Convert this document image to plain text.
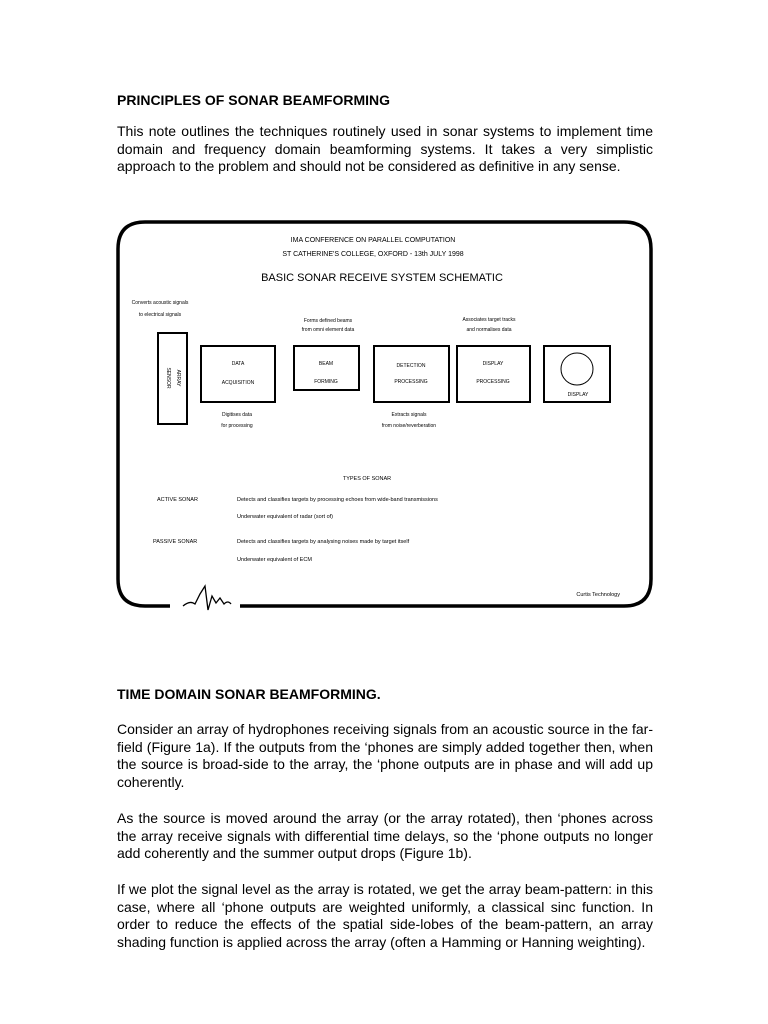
PRINCIPLES OF SONAR BEAMFORMING

This note outlines the techniques routinely used in sonar systems to implement time domain and frequency domain beamforming systems. It takes a very simplistic approach to the problem and should not be considered as definitive in any sense.

IMA CONFERENCE ON PARALLEL COMPUTATION
ST CATHERINE'S COLLEGE, OXFORD - 13th JULY 1998
BASIC SONAR RECEIVE SYSTEM SCHEMATIC
Converts acoustic signals
to electrical signals
Forms defined beams
from omni element data
Associates target tracks
and normalises data
SENSOR ARRAY
DATA
ACQUISITION
BEAM
FORMING
DETECTION
PROCESSING
DISPLAY
PROCESSING
DISPLAY
Digitises data
for processing
Extracts signals
from noise/reverberation
TYPES OF SONAR
ACTIVE SONAR	Detects and classifies targets by processing echoes from wide-band transmissions
Underwater equivalent of radar (sort of)
PASSIVE SONAR	Detects and classifies targets by analysing noises made by target itself
Underwater equivalent of ECM
Curtis Technology
TIME DOMAIN SONAR BEAMFORMING.

Consider an array of hydrophones receiving signals from an acoustic source in the far-field (Figure 1a). If the outputs from the ‘phones are simply added together then, when the source is broad-side to the array, the ‘phone outputs are in phase and will add up coherently.

As the source is moved around the array (or the array rotated), then ‘phones across the array receive signals with differential time delays, so the ‘phone outputs no longer add coherently and the summer output drops (Figure 1b).

If we plot the signal level as the array is rotated, we get the array beam-pattern: in this case, where all ‘phone outputs are weighted uniformly, a classical sinc function. In order to reduce the effects of the spatial side-lobes of the beam-pattern, an array shading function is applied across the array (often a Hamming or Hanning weighting).
